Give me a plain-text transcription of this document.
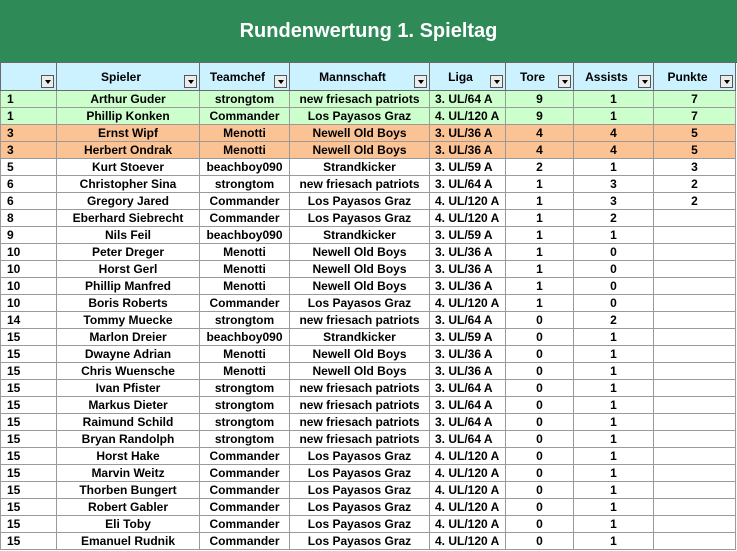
Rundenwertung 1. Spieltag
	Spieler	Teamchef	Mannschaft	Liga	Tore	Assists	Punkte

1	Arthur Guder	strongtom	new friesach patriots	3. UL/64 A	9	1	7
1	Phillip Konken	Commander	Los Payasos Graz	4. UL/120 A	9	1	7
3	Ernst Wipf	Menotti	Newell Old Boys	3. UL/36 A	4	4	5
3	Herbert Ondrak	Menotti	Newell Old Boys	3. UL/36 A	4	4	5
5	Kurt Stoever	beachboy090	Strandkicker	3. UL/59 A	2	1	3
6	Christopher Sina	strongtom	new friesach patriots	3. UL/64 A	1	3	2
6	Gregory Jared	Commander	Los Payasos Graz	4. UL/120 A	1	3	2
8	Eberhard Siebrecht	Commander	Los Payasos Graz	4. UL/120 A	1	2	
9	Nils Feil	beachboy090	Strandkicker	3. UL/59 A	1	1	
10	Peter Dreger	Menotti	Newell Old Boys	3. UL/36 A	1	0	
10	Horst Gerl	Menotti	Newell Old Boys	3. UL/36 A	1	0	
10	Phillip Manfred	Menotti	Newell Old Boys	3. UL/36 A	1	0	
10	Boris Roberts	Commander	Los Payasos Graz	4. UL/120 A	1	0	
14	Tommy Muecke	strongtom	new friesach patriots	3. UL/64 A	0	2	
15	Marlon Dreier	beachboy090	Strandkicker	3. UL/59 A	0	1	
15	Dwayne Adrian	Menotti	Newell Old Boys	3. UL/36 A	0	1	
15	Chris Wuensche	Menotti	Newell Old Boys	3. UL/36 A	0	1	
15	Ivan Pfister	strongtom	new friesach patriots	3. UL/64 A	0	1	
15	Markus Dieter	strongtom	new friesach patriots	3. UL/64 A	0	1	
15	Raimund Schild	strongtom	new friesach patriots	3. UL/64 A	0	1	
15	Bryan Randolph	strongtom	new friesach patriots	3. UL/64 A	0	1	
15	Horst Hake	Commander	Los Payasos Graz	4. UL/120 A	0	1	
15	Marvin Weitz	Commander	Los Payasos Graz	4. UL/120 A	0	1	
15	Thorben Bungert	Commander	Los Payasos Graz	4. UL/120 A	0	1	
15	Robert Gabler	Commander	Los Payasos Graz	4. UL/120 A	0	1	
15	Eli Toby	Commander	Los Payasos Graz	4. UL/120 A	0	1	
15	Emanuel Rudnik	Commander	Los Payasos Graz	4. UL/120 A	0	1	
